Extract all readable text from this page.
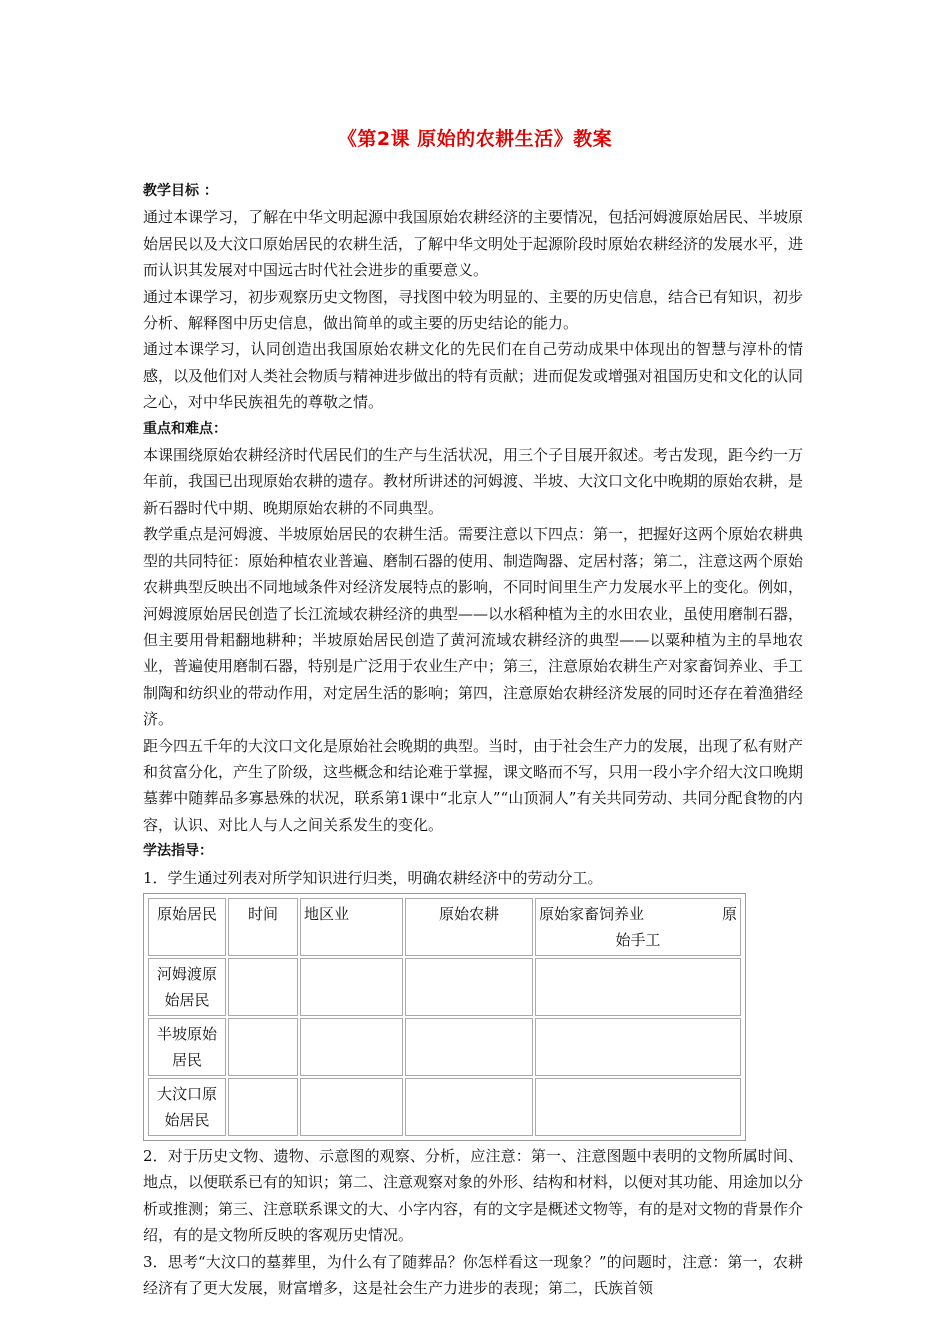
《第2课 原始的农耕生活》教案

教学目标 ：

通过本课学习，了解在中华文明起源中我国原始农耕经济的主要情况，包括河姆渡原始居民、半坡原始居民以及大汶口原始居民的农耕生活，了解中华文明处于起源阶段时原始农耕经济的发展水平，进而认识其发展对中国远古时代社会进步的重要意义。

通过本课学习，初步观察历史文物图，寻找图中较为明显的、主要的历史信息，结合已有知识，初步分析、解释图中历史信息，做出简单的或主要的历史结论的能力。

通过本课学习，认同创造出我国原始农耕文化的先民们在自己劳动成果中体现出的智慧与淳朴的情感，以及他们对人类社会物质与精神进步做出的特有贡献；进而促发或增强对祖国历史和文化的认同之心，对中华民族祖先的尊敬之情。

重点和难点：

本课围绕原始农耕经济时代居民们的生产与生活状况，用三个子目展开叙述。考古发现，距今约一万年前，我国已出现原始农耕的遗存。教材所讲述的河姆渡、半坡、大汶口文化中晚期的原始农耕，是新石器时代中期、晚期原始农耕的不同典型。

教学重点是河姆渡、半坡原始居民的农耕生活。需要注意以下四点：第一，把握好这两个原始农耕典型的共同特征：原始种植农业普遍、磨制石器的使用、制造陶器、定居村落；第二，注意这两个原始农耕典型反映出不同地域条件对经济发展特点的影响，不同时间里生产力发展水平上的变化。例如，河姆渡原始居民创造了长江流域农耕经济的典型——以水稻种植为主的水田农业，虽使用磨制石器，但主要用骨耜翻地耕种；半坡原始居民创造了黄河流域农耕经济的典型——以粟种植为主的旱地农业，普遍使用磨制石器，特别是广泛用于农业生产中；第三，注意原始农耕生产对家畜饲养业、手工制陶和纺织业的带动作用，对定居生活的影响；第四，注意原始农耕经济发展的同时还存在着渔猎经济。

距今四五千年的大汶口文化是原始社会晚期的典型。当时，由于社会生产力的发展，出现了私有财产和贫富分化，产生了阶级，这些概念和结论难于掌握，课文略而不写，只用一段小字介绍大汶口晚期墓葬中随葬品多寡悬殊的状况，联系第1课中“北京人”“山顶洞人”有关共同劳动、共同分配食物的内容，认识、对比人与人之间关系发生的变化。

学法指导：

1．学生通过列表对所学知识进行归类，明确农耕经济中的劳动分工。

原始居民	时间	地区业	原始农耕	原始家畜饲养业 原
始手工

河姆渡原始居民				
半坡原始居民				
大汶口原始居民				

2．对于历史文物、遗物、示意图的观察、分析，应注意：第一、注意图题中表明的文物所属时间、地点，以便联系已有的知识；第二、注意观察对象的外形、结构和材料，以便对其功能、用途加以分析或推测；第三、注意联系课文的大、小字内容，有的文字是概述文物等，有的是对文物的背景作介绍，有的是文物所反映的客观历史情况。

3．思考“大汶口的墓葬里，为什么有了随葬品？你怎样看这一现象？”的问题时，注意：第一，农耕经济有了更大发展，财富增多，这是社会生产力进步的表现；第二，氏族首领
